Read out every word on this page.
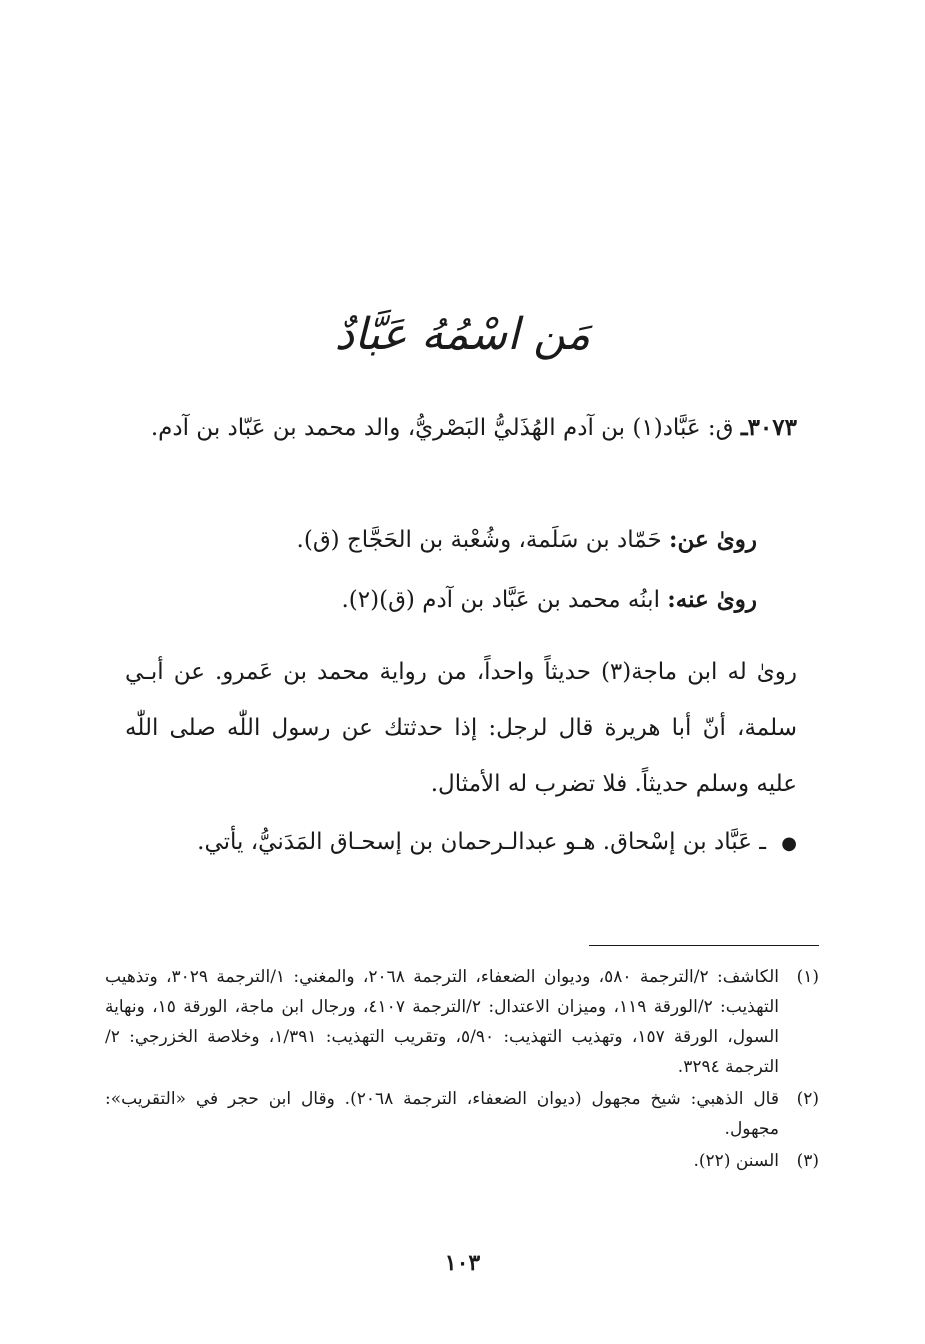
مَن اسْمُهُ عَبَّادٌ
٣٠٧٣ـ ق: عَبَّاد(١) بن آدم الهُذَليُّ البَصْريُّ، والد محمد بن عَبّاد بن آدم.
روىٰ عن: حَمّاد بن سَلَمة، وشُعْبة بن الحَجَّاج (ق).
روىٰ عنه: ابنُه محمد بن عَبَّاد بن آدم (ق)(٢).
روىٰ له ابن ماجة(٣) حديثاً واحداً، من رواية محمد بن عَمرو. عن أبـي سلمة، أنّ أبا هريرة قال لرجل: إذا حدثتك عن رسول اللّٰه صلى اللّٰه عليه وسلم حديثاً. فلا تضرب له الأمثال.
● ـ عَبَّاد بن إسْحاق. هـو عبدالـرحمان بن إسحـاق المَدَنيُّ، يأتي.
(١)
الكاشف: ٢/الترجمة ٥٨٠، وديوان الضعفاء، الترجمة ٢٠٦٨، والمغني: ١/الترجمة ٣٠٢٩، وتذهيب التهذيب: ٢/الورقة ١١٩، وميزان الاعتدال: ٢/الترجمة ٤١٠٧، ورجال ابن ماجة، الورقة ١٥، ونهاية السول، الورقة ١٥٧، وتهذيب التهذيب: ٥/٩٠، وتقريب التهذيب: ١/٣٩١، وخلاصة الخزرجي: ٢/الترجمة ٣٢٩٤.
(٢)
قال الذهبي: شيخ مجهول (ديوان الضعفاء، الترجمة ٢٠٦٨). وقال ابن حجر في «التقريب»: مجهول.
(٣)
السنن (٢٢).
١٠٣
